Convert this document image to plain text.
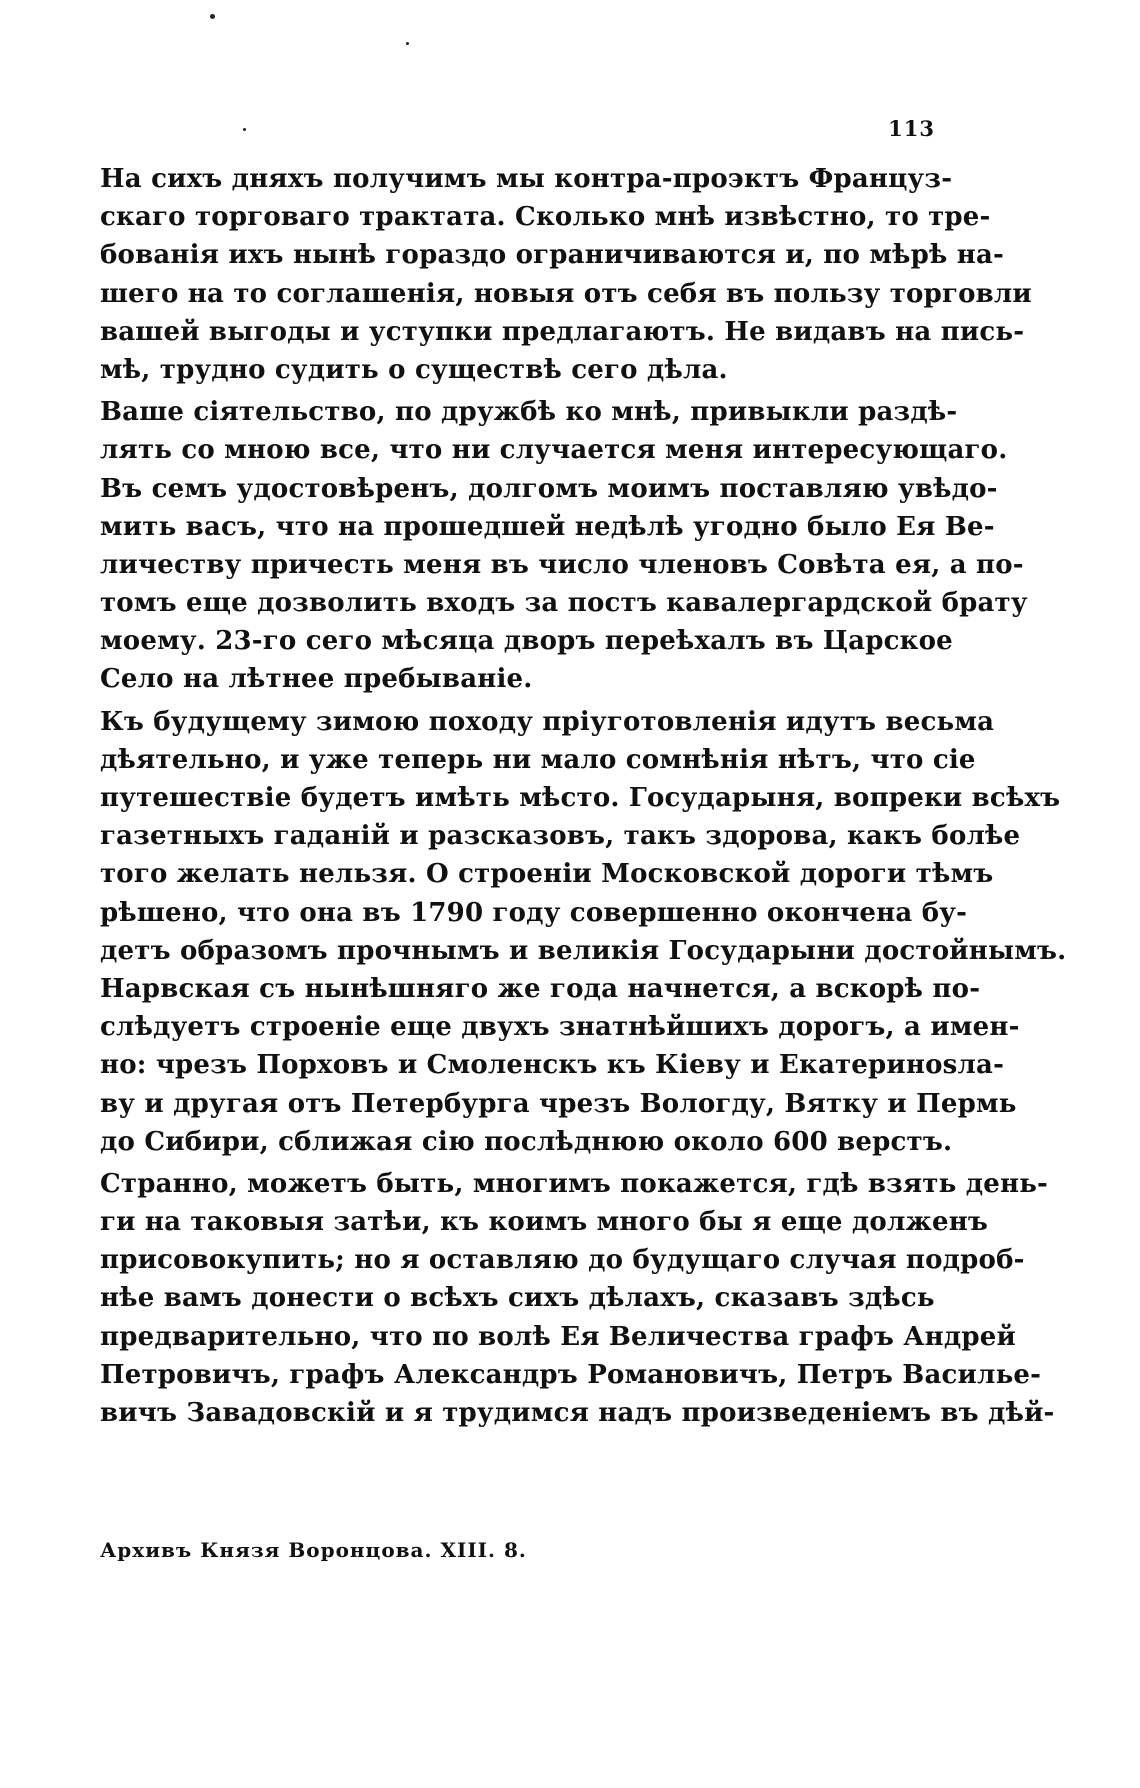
113
На сихъ дняхъ получимъ мы контра-проэктъ Француз-
скаго торговаго трактата. Сколько мнѣ извѣстно, то тре-
бованія ихъ нынѣ гораздо ограничиваются и, по мѣрѣ на-
шего на то соглашенія, новыя отъ себя въ пользу торговли
вашей выгоды и уступки предлагаютъ. Не видавъ на пись-
мѣ, трудно судить о существѣ сего дѣла.
Ваше сіятельство, по дружбѣ ко мнѣ, привыкли раздѣ-
лять со мною все, что ни случается меня интересующаго.
Въ семъ удостовѣренъ, долгомъ моимъ поставляю увѣдо-
мить васъ, что на прошедшей недѣлѣ угодно было Ея Ве-
личеству причесть меня въ число членовъ Совѣта ея, а по-
томъ еще дозволить входъ за постъ кавалергардской брату
моему. 23-го сего мѣсяца дворъ переѣхалъ въ Царское
Село на лѣтнее пребываніе.
Къ будущему зимою походу пріуготовленія идутъ весьма
дѣятельно, и уже теперь ни мало сомнѣнія нѣтъ, что сіе
путешествіе будетъ имѣть мѣсто. Государыня, вопреки всѣхъ
газетныхъ гаданій и разсказовъ, такъ здорова, какъ болѣе
того желать нельзя. О строеніи Московской дороги тѣмъ
рѣшено, что она въ 1790 году совершенно окончена бу-
детъ образомъ прочнымъ и великія Государыни достойнымъ.
Нарвская съ нынѣшняго же года начнется, а вскорѣ по-
слѣдуетъ строеніе еще двухъ знатнѣйшихъ дорогъ, а имен-
но: чрезъ Порховъ и Смоленскъ къ Кіеву и Екатеринosла-
ву и другая отъ Петербурга чрезъ Вологду, Вятку и Пермь
до Сибири, сближая сію послѣднюю около 600 верстъ.
Странно, можетъ быть, многимъ покажется, гдѣ взять день-
ги на таковыя затѣи, къ коимъ много бы я еще долженъ
присовокупить; но я оставляю до будущаго случая подроб-
нѣе вамъ донести о всѣхъ сихъ дѣлахъ, сказавъ здѣсь
предварительно, что по волѣ Ея Величества графъ Андрей
Петровичъ, графъ Александръ Романовичъ, Петръ Васильe-
вичъ Завадовскій и я трудимся надъ произведеніемъ въ дѣй-
Архивъ Князя Воронцова. XIII. 8.
